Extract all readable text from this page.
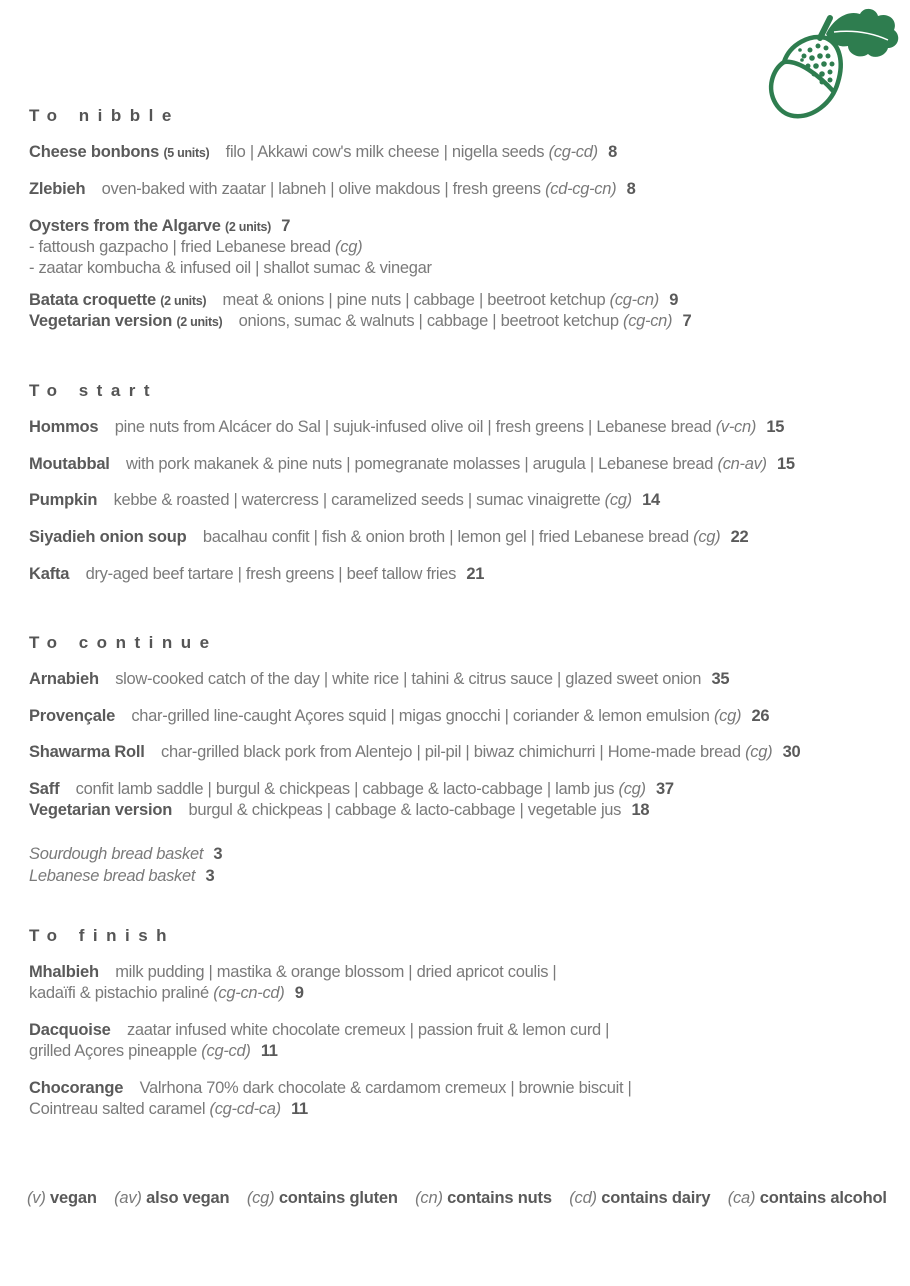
To nibble
Cheese bonbons (5 units) filo | Akkawi cow's milk cheese | nigella seeds (cg-cd) 8
Zlebieh oven-baked with zaatar | labneh | olive makdous | fresh greens (cd-cg-cn) 8
Oysters from the Algarve (2 units) 7
- fattoush gazpacho | fried Lebanese bread (cg)
- zaatar kombucha & infused oil | shallot sumac & vinegar
Batata croquette (2 units) meat & onions | pine nuts | cabbage | beetroot ketchup (cg-cn) 9
Vegetarian version (2 units) onions, sumac & walnuts | cabbage | beetroot ketchup (cg-cn) 7
To start
Hommos pine nuts from Alcácer do Sal | sujuk-infused olive oil | fresh greens | Lebanese bread (v-cn) 15
Moutabbal with pork makanek & pine nuts | pomegranate molasses | arugula | Lebanese bread (cn-av) 15
Pumpkin kebbe & roasted | watercress | caramelized seeds | sumac vinaigrette (cg) 14
Siyadieh onion soup bacalhau confit | fish & onion broth | lemon gel | fried Lebanese bread (cg) 22
Kafta dry-aged beef tartare | fresh greens | beef tallow fries 21
To continue
Arnabieh slow-cooked catch of the day | white rice | tahini & citrus sauce | glazed sweet onion 35
Provençale char-grilled line-caught Açores squid | migas gnocchi | coriander & lemon emulsion (cg) 26
Shawarma Roll char-grilled black pork from Alentejo | pil-pil | biwaz chimichurri | Home-made bread (cg) 30
Saff confit lamb saddle | burgul & chickpeas | cabbage & lacto-cabbage | lamb jus (cg) 37
Vegetarian version burgul & chickpeas | cabbage & lacto-cabbage | vegetable jus 18
Sourdough bread basket 3
Lebanese bread basket 3
To finish
Mhalbieh milk pudding | mastika & orange blossom | dried apricot coulis |
kadaïfi & pistachio praliné (cg-cn-cd) 9
Dacquoise zaatar infused white chocolate cremeux | passion fruit & lemon curd |
grilled Açores pineapple (cg-cd) 11
Chocorange Valrhona 70% dark chocolate & cardamom cremeux | brownie biscuit |
Cointreau salted caramel (cg-cd-ca) 11
(v) vegan (av) also vegan (cg) contains gluten (cn) contains nuts (cd) contains dairy (ca) contains alcohol
